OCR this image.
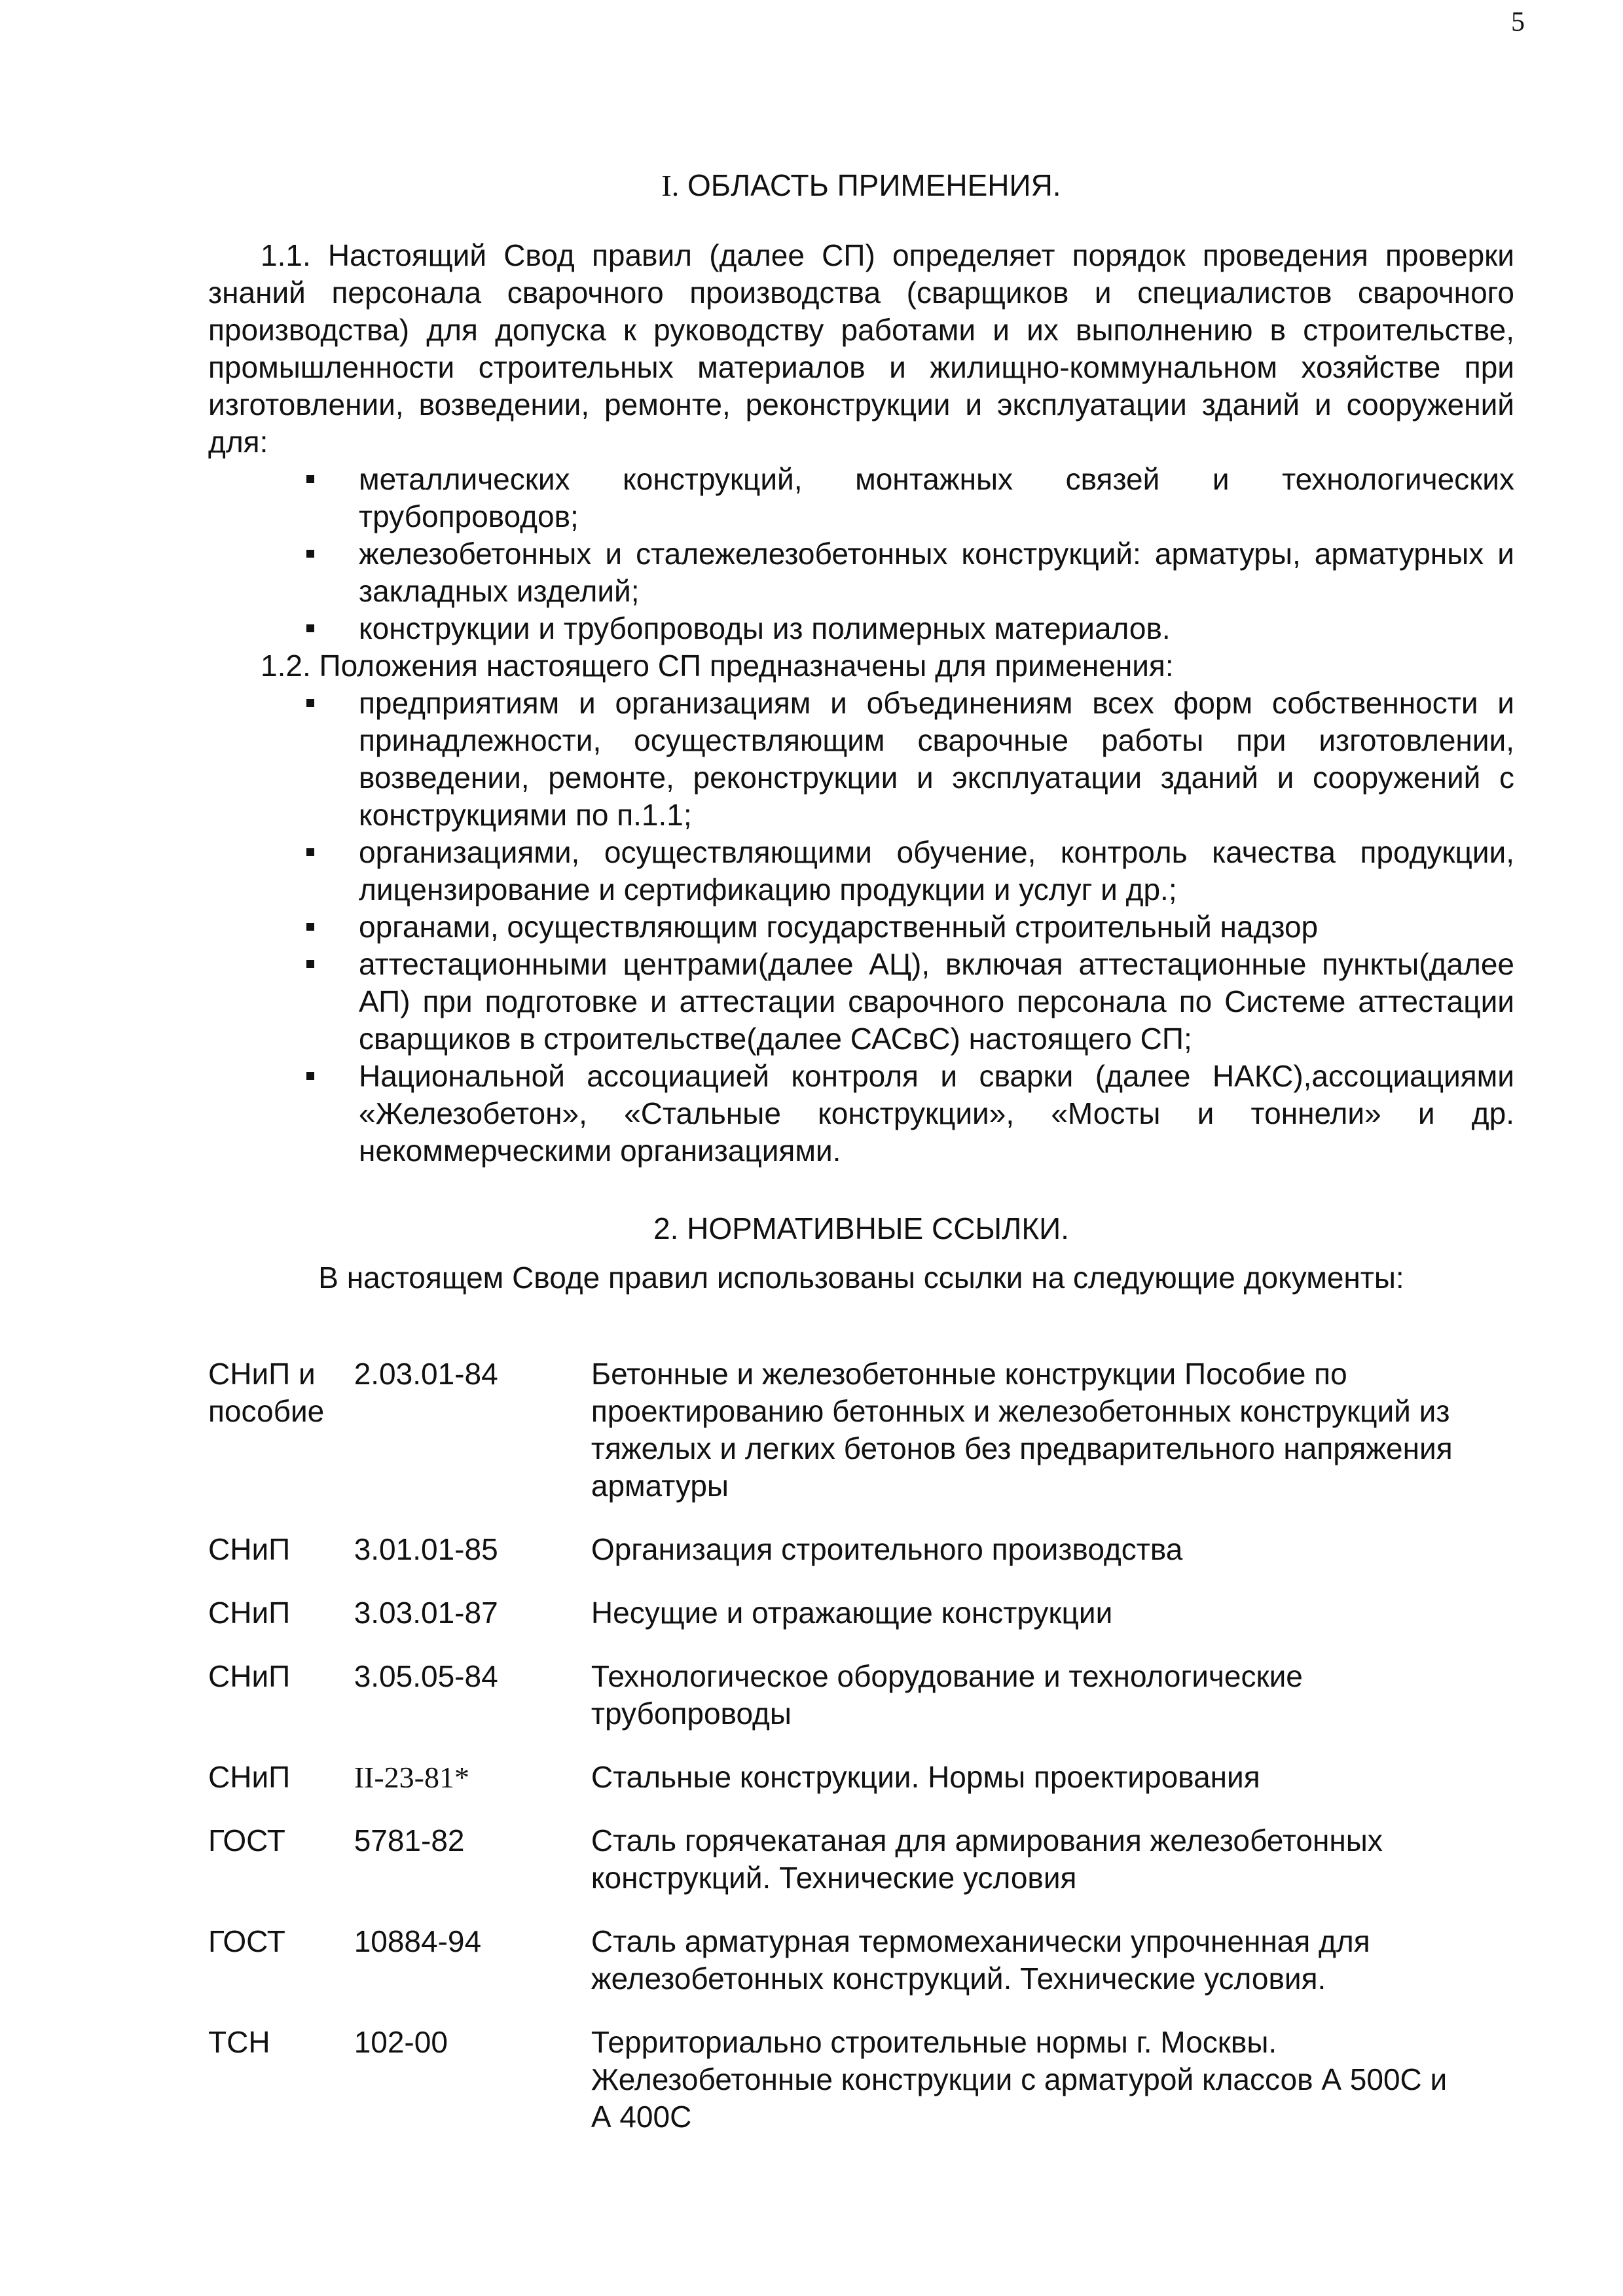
5
I. ОБЛАСТЬ ПРИМЕНЕНИЯ.

1.1. Настоящий Свод правил (далее СП) определяет порядок проведения проверки знаний персонала сварочного производства (сварщиков и специалистов сварочного производства) для допуска к руководству работами и их выполнению в строительстве, промышленности строительных материалов и жилищно-коммунальном хозяйстве при изготовлении, возведении, ремонте, реконструкции и эксплуатации зданий и сооружений для:

металлических конструкций, монтажных связей и технологических трубопроводов;
железобетонных и сталежелезобетонных конструкций: арматуры, арматурных и закладных изделий;
конструкции и трубопроводы из полимерных материалов.

1.2. Положения настоящего СП предназначены для применения:

предприятиям и организациям и объединениям всех форм собственности и принадлежности, осуществляющим сварочные работы при изготовлении, возведении, ремонте, реконструкции и эксплуатации зданий и сооружений с конструкциями по п.1.1;
организациями, осуществляющими обучение, контроль качества продукции, лицензирование и сертификацию продукции и услуг и др.;
органами, осуществляющим государственный строительный надзор
аттестационными центрами(далее АЦ), включая аттестационные пункты(далее АП) при подготовке и аттестации сварочного персонала по Системе аттестации сварщиков в строительстве(далее САСвС) настоящего СП;
Национальной ассоциацией контроля и сварки (далее НАКС),ассоциациями «Железобетон», «Стальные конструкции», «Мосты и тоннели» и др. некоммерческими организациями.
2. НОРМАТИВНЫЕ ССЫЛКИ.
В настоящем Своде правил использованы ссылки на следующие документы:
СНиП и пособие	2.03.01-84	Бетонные и железобетонные конструкции Пособие по проектированию бетонных и железобетонных конструкций из тяжелых и легких бетонов без предварительного напряжения арматуры
СНиП	3.01.01-85	Организация строительного производства
СНиП	3.03.01-87	Несущие и отражающие конструкции
СНиП	3.05.05-84	Технологическое оборудование и технологические трубопроводы
СНиП	II-23-81*	Стальные конструкции. Нормы проектирования
ГОСТ	5781-82	Сталь горячекатаная для армирования железобетонных конструкций. Технические условия
ГОСТ	10884-94	Сталь арматурная термомеханически упрочненная для железобетонных конструкций. Технические условия.
ТСН	102-00	Территориально строительные нормы г. Москвы. Железобетонные конструкции с арматурой классов А 500С и А 400С
